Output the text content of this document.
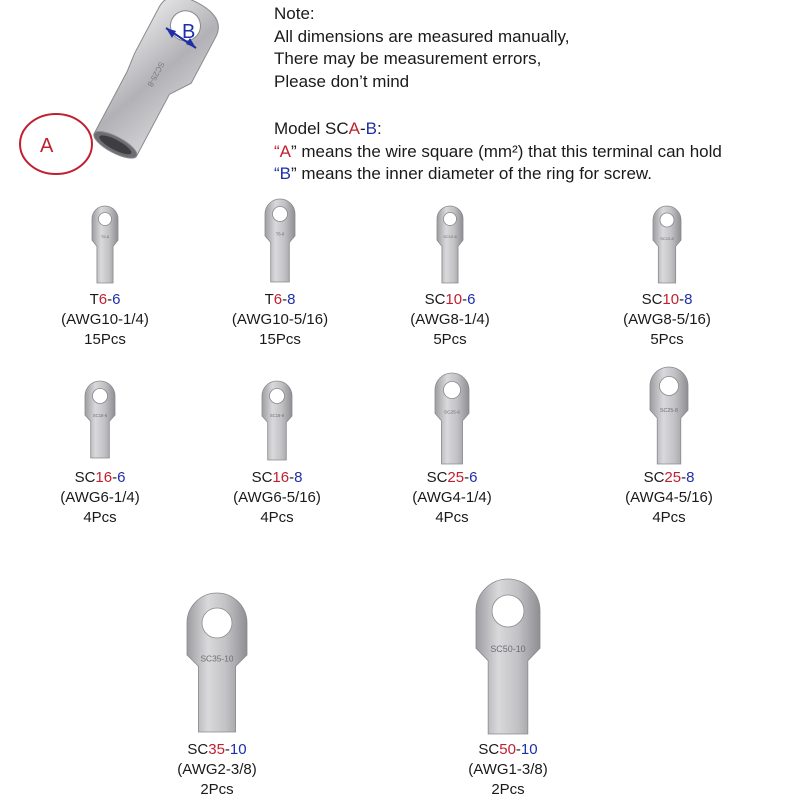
SC25-8
B
A
Note:
All dimensions are measured manually,
There may be measurement errors,
Please don’t mind
Model SCA-B:
“A” means the wire square (mm²) that this terminal can hold
“B” means the inner diameter of the ring for screw.
T6-6
T6-6
(AWG10-1/4)
15Pcs
T6-8
T6-8
(AWG10-5/16)
15Pcs
SC10-6
SC10-6
(AWG8-1/4)
5Pcs
SC10-8
SC10-8
(AWG8-5/16)
5Pcs
SC16-6
SC16-6
(AWG6-1/4)
4Pcs
SC16-8
SC16-8
(AWG6-5/16)
4Pcs
SC25-6
SC25-6
(AWG4-1/4)
4Pcs
SC25-8
SC25-8
(AWG4-5/16)
4Pcs
SC35-10
SC35-10
(AWG2-3/8)
2Pcs
SC50-10
SC50-10
(AWG1-3/8)
2Pcs
